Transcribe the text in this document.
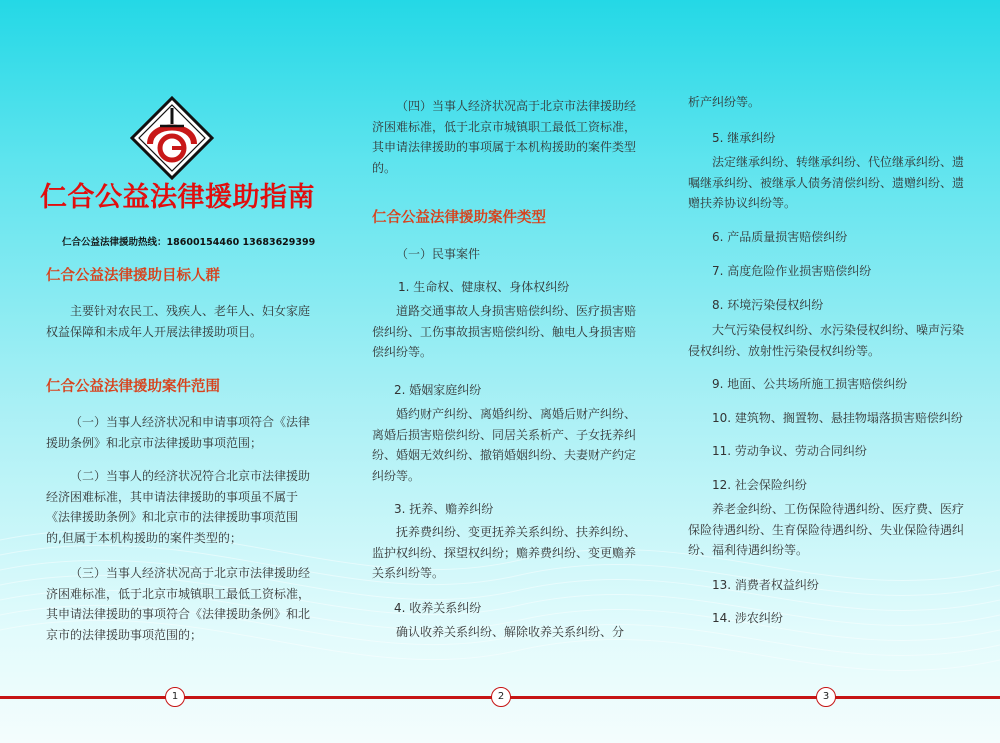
仁合公益法律援助指南
仁合公益法律援助热线：18600154460 13683629399
仁合公益法律援助目标人群

主要针对农民工、残疾人、老年人、妇女家庭权益保障和未成年人开展法律援助项目。

仁合公益法律援助案件范围

（一）当事人经济状况和申请事项符合《法律援助条例》和北京市法律援助事项范围；

（二）当事人的经济状况符合北京市法律援助经济困难标准，其申请法律援助的事项虽不属于《法律援助条例》和北京市的法律援助事项范围的,但属于本机构援助的案件类型的；

（三）当事人经济状况高于北京市法律援助经济困难标准，低于北京市城镇职工最低工资标准，其申请法律援助的事项符合《法律援助条例》和北京市的法律援助事项范围的；

（四）当事人经济状况高于北京市法律援助经济困难标准，低于北京市城镇职工最低工资标准，其申请法律援助的事项属于本机构援助的案件类型的。

仁合公益法律援助案件类型
（一）民事案件
1. 生命权、健康权、身体权纠纷

道路交通事故人身损害赔偿纠纷、医疗损害赔偿纠纷、工伤事故损害赔偿纠纷、触电人身损害赔偿纠纷等。

2. 婚姻家庭纠纷

婚约财产纠纷、离婚纠纷、离婚后财产纠纷、离婚后损害赔偿纠纷、同居关系析产、子女抚养纠纷、婚姻无效纠纷、撤销婚姻纠纷、夫妻财产约定纠纷等。

3. 抚养、赡养纠纷

抚养费纠纷、变更抚养关系纠纷、扶养纠纷、监护权纠纷、探望权纠纷；赡养费纠纷、变更赡养关系纠纷等。

4. 收养关系纠纷

确认收养关系纠纷、解除收养关系纠纷、分

析产纠纷等。
5. 继承纠纷

法定继承纠纷、转继承纠纷、代位继承纠纷、遗嘱继承纠纷、被继承人债务清偿纠纷、遗赠纠纷、遗赠扶养协议纠纷等。

6. 产品质量损害赔偿纠纷
7. 高度危险作业损害赔偿纠纷
8. 环境污染侵权纠纷

大气污染侵权纠纷、水污染侵权纠纷、噪声污染侵权纠纷、放射性污染侵权纠纷等。

9. 地面、公共场所施工损害赔偿纠纷
10. 建筑物、搁置物、悬挂物塌落损害赔偿纠纷
11. 劳动争议、劳动合同纠纷
12. 社会保险纠纷

养老金纠纷、工伤保险待遇纠纷、医疗费、医疗保险待遇纠纷、生育保险待遇纠纷、失业保险待遇纠纷、福利待遇纠纷等。

13. 消费者权益纠纷
14. 涉农纠纷
1	2	3
